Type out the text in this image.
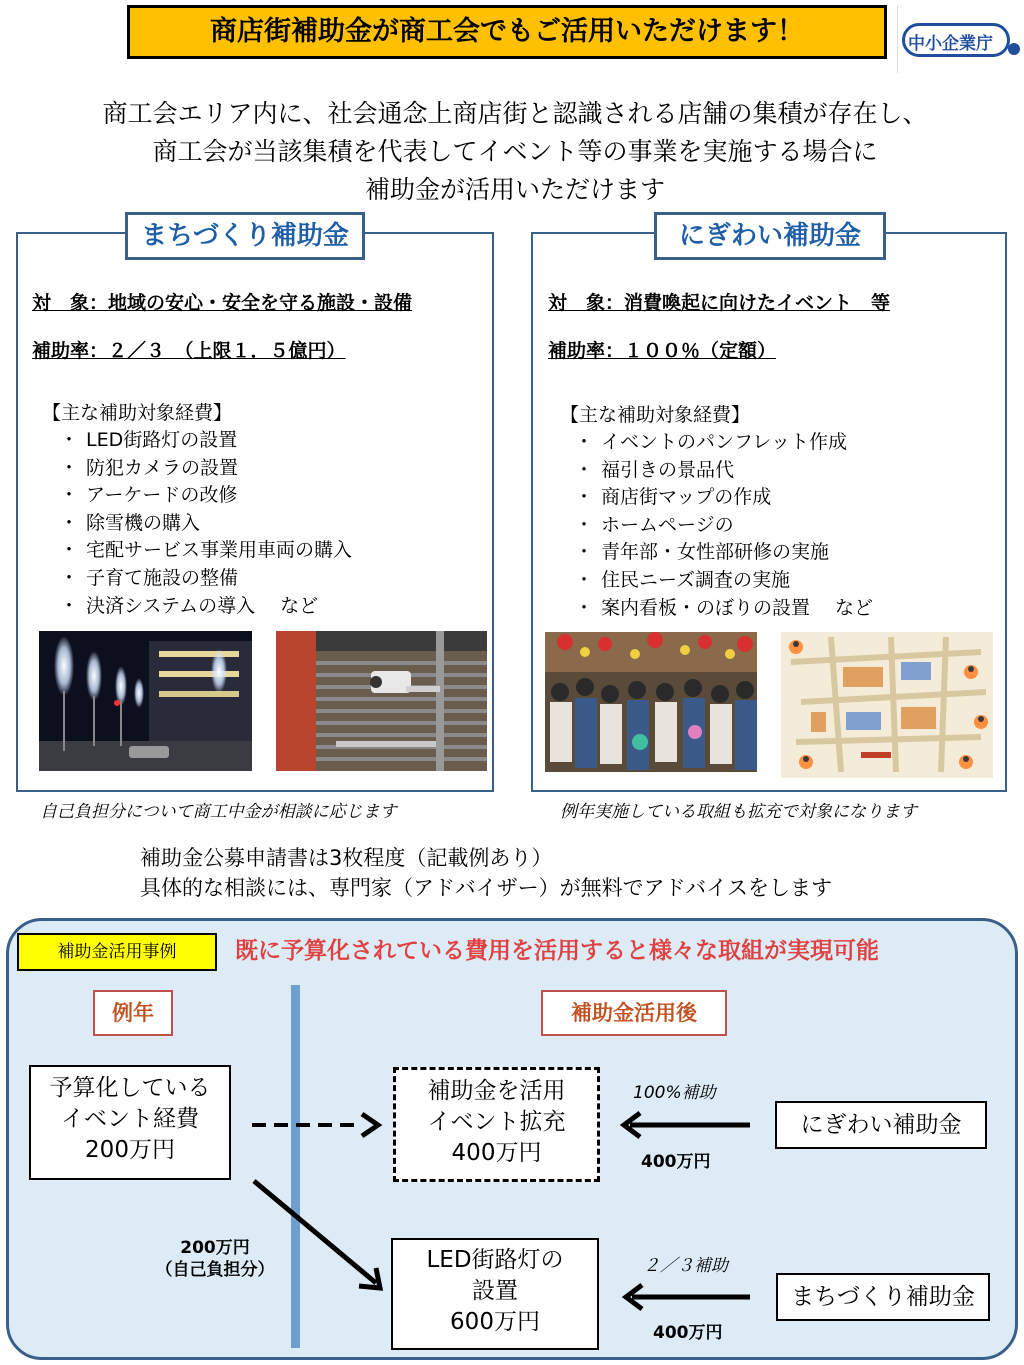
商店街補助金が商工会でもご活用いただけます！	中小企業庁
商工会エリア内に、社会通念上商店街と認識される店舗の集積が存在し、
商工会が当該集積を代表してイベント等の事業を実施する場合に
補助金が活用いただけます
対　象：地域の安心・安全を守る施設・設備
補助率：２／３　（上限１．５億円）
【主な補助対象経費】
・ LED街路灯の設置
・ 防犯カメラの設置
・ アーケードの改修
・ 除雪機の購入
・ 宅配サービス事業用車両の購入
・ 子育て施設の整備
・ 決済システムの導入　 など
まちづくり補助金
自己負担分について商工中金が相談に応じます
対　象：消費喚起に向けたイベント　等
補助率：１００％（定額）
【主な補助対象経費】
・ イベントのパンフレット作成
・ 福引きの景品代
・ 商店街マップの作成
・ ホームページの
・ 青年部・女性部研修の実施
・ 住民ニーズ調査の実施
・ 案内看板・のぼりの設置　 など
にぎわい補助金
例年実施している取組も拡充で対象になります
補助金公募申請書は3枚程度（記載例あり）
具体的な相談には、専門家（アドバイザー）が無料でアドバイスをします
補助金活用事例	既に予算化されている費用を活用すると様々な取組が実現可能
例年	補助金活用後
予算化している
イベント経費
200万円
補助金を活用
イベント拡充
400万円
LED街路灯の
設置
600万円
にぎわい補助金
まちづくり補助金
100%補助
400万円
２／３補助
400万円
200万円
（自己負担分）
